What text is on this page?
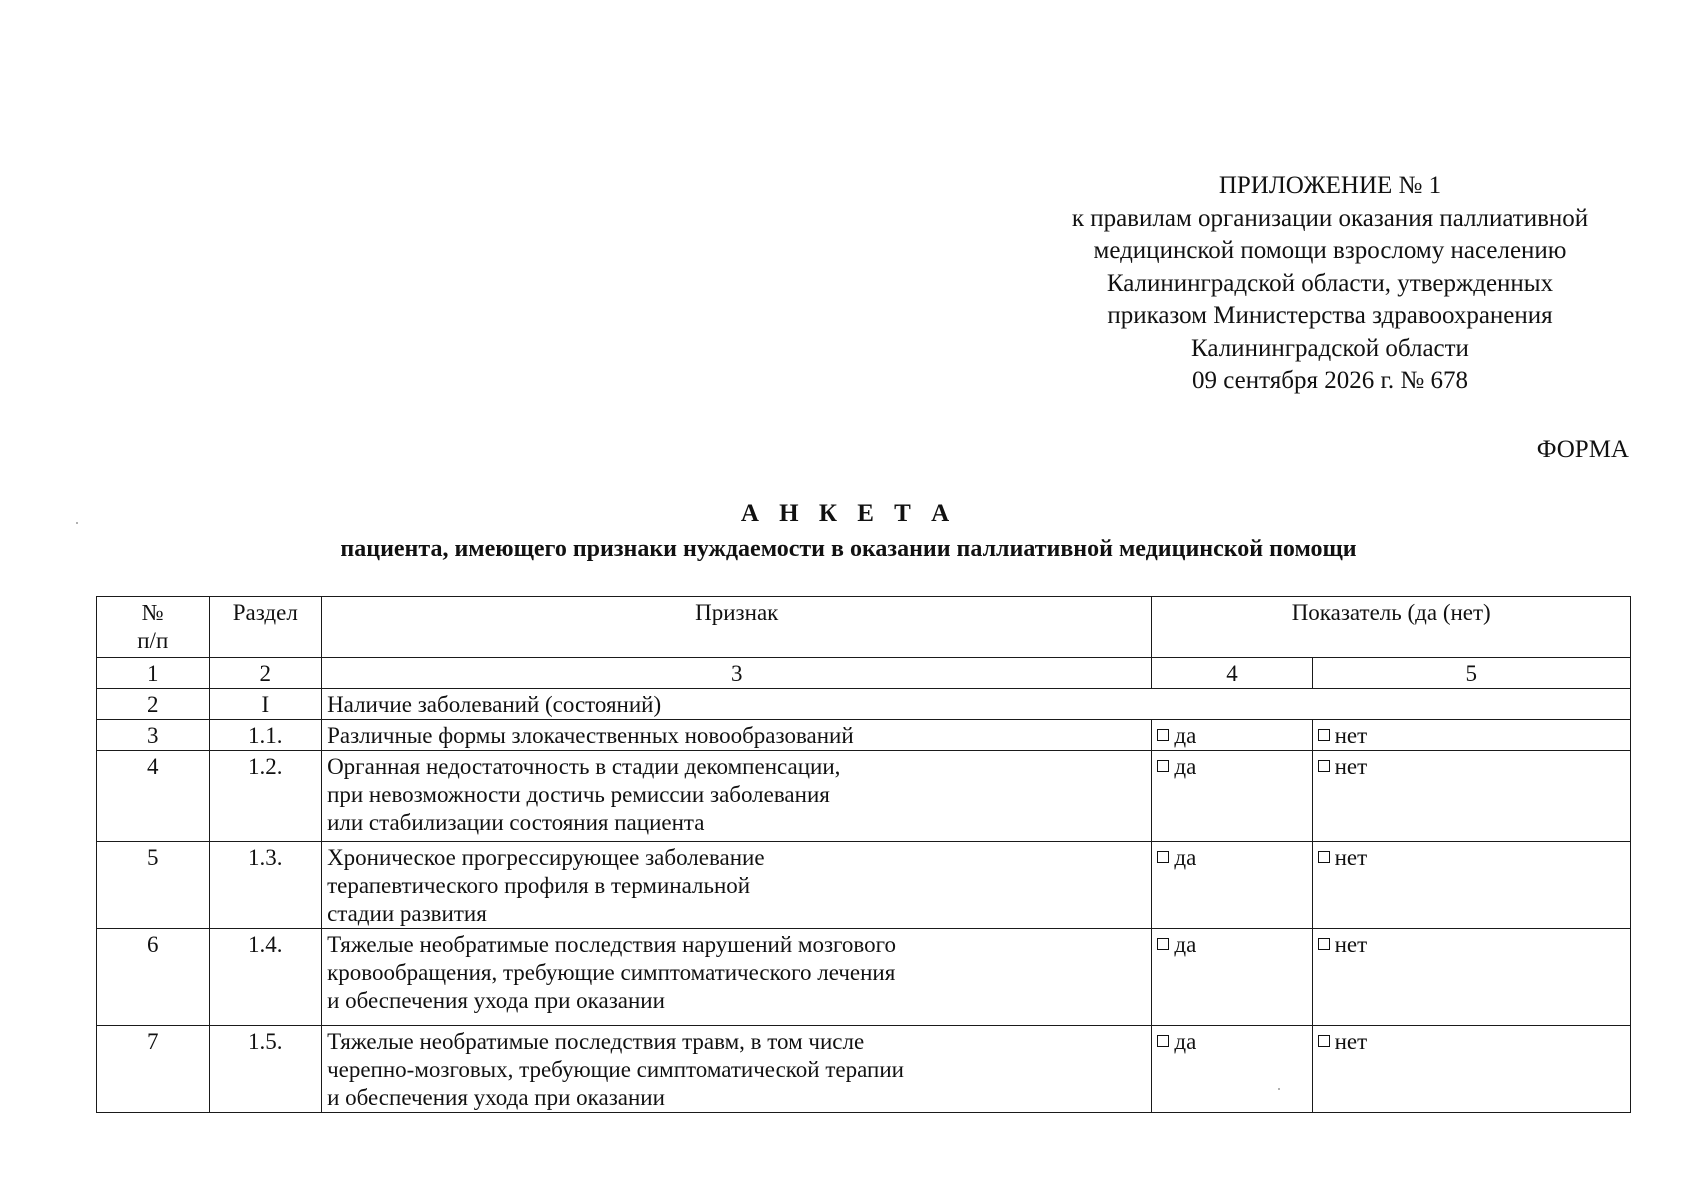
ПРИЛОЖЕНИЕ № 1
к правилам организации оказания паллиативной
медицинской помощи взрослому населению
Калининградской области, утвержденных
приказом Министерства здравоохранения
Калининградской области
09 сентября 2026 г. № 678
ФОРМА
А Н К Е Т А
пациента, имеющего признаки нуждаемости в оказании паллиативной медицинской помощи
№
п/п	Раздел	Признак	Показатель (да (нет)	
1	2	3	4	5
2	I	Наличие заболеваний (состояний)		
3	1.1.	Различные формы злокачественных новообразований	да	нет
4	1.2.	Органная недостаточность в стадии декомпенсации,
при невозможности достичь ремиссии заболевания
или стабилизации состояния пациента	да	нет
5	1.3.	Хроническое прогрессирующее заболевание
терапевтического профиля в терминальной
стадии развития	да	нет
6	1.4.	Тяжелые необратимые последствия нарушений мозгового
кровообращения, требующие симптоматического лечения
и обеспечения ухода при оказании	да	нет
7	1.5.	Тяжелые необратимые последствия травм, в том числе
черепно-мозговых, требующие симптоматической терапии
и обеспечения ухода при оказании	да	нет
